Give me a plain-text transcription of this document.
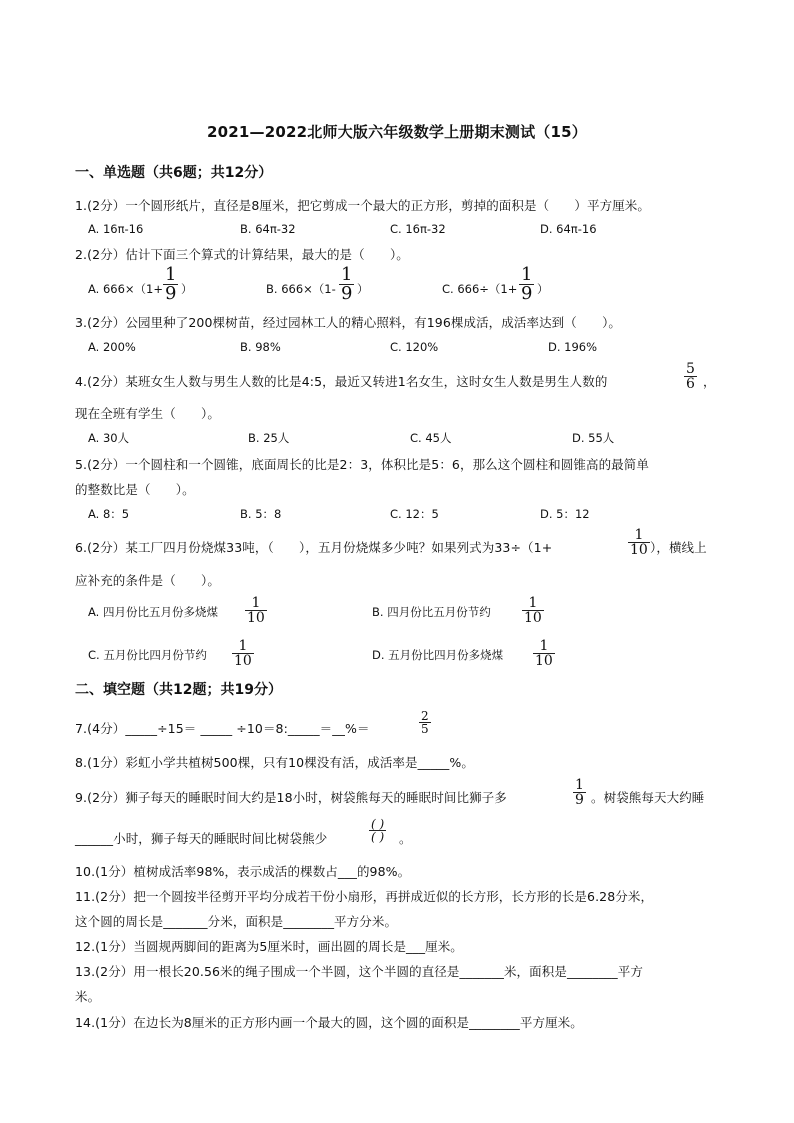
2021—2022北师大版六年级数学上册期末测试（15）
一、单选题（共6题；共12分）
1.(2分）一个圆形纸片，直径是8厘米，把它剪成一个最大的正方形，剪掉的面积是（　　）平方厘米。
A. 16π-16	B. 64π-32	C. 16π-32	D. 64π-16
2.(2分）估计下面三个算式的计算结果，最大的是（　　）。
A. $666\times(1+ \frac{1}{9}$ ）	B. $666\times(1- \frac{1}{9}$ ）	C. $666\div(1+ \frac{1}{9}$ ）
3.(2分）公园里种了200棵树苗，经过园林工人的精心照料，有196棵成活，成活率达到（　　）。
A. 200%	B. 98%	C. 120%	D. 196%
4.(2分）某班女生人数与男生人数的比是4:5，最近又转进1名女生，这时女生人数是男生人数的	$\frac{5}{6}$ ，
现在全班有学生（　　）。
A. 30人	B. 25人	C. 45人	D. 55人
5.(2分）一个圆柱和一个圆锥，底面周长的比是2：3，体积比是5：6，那么这个圆柱和圆锥高的最简单
的整数比是（　　）。
A. 8：5	B. 5：8	C. 12：5	D. 5：12
6.(2分）某工厂四月份烧煤33吨，（　　），五月份烧煤多少吨？如果列式为33÷（1+	$\frac{1}{10}$ ），横线上
应补充的条件是（　　）。
A. 四月份比五月份多烧煤 $\frac{1}{10}$	B. 四月份比五月份节约 $\frac{1}{10}$
C. 五月份比四月份节约 $\frac{1}{10}$	D. 五月份比四月份多烧煤 $\frac{1}{10}$
二、填空题（共12题；共19分）
7.(4分）_____÷15＝ _____ ÷10＝8:_____＝__%＝	$\frac{2}{5}$
8.(1分）彩虹小学共植树500棵，只有10棵没有活，成活率是_____%。
9.(2分）狮子每天的睡眠时间大约是18小时，树袋熊每天的睡眠时间比狮子多	$\frac{1}{9}$ 。树袋熊每天大约睡
______小时，狮子每天的睡眠时间比树袋熊少
( )
( ) 。
10.(1分）植树成活率98%，表示成活的棵数占___的98%。
11.(2分）把一个圆按半径剪开平均分成若干份小扇形，再拼成近似的长方形，长方形的长是6.28分米，
这个圆的周长是_______分米，面积是________平方分米。
12.(1分）当圆规两脚间的距离为5厘米时，画出圆的周长是___厘米。
13.(2分）用一根长20.56米的绳子围成一个半圆，这个半圆的直径是_______米，面积是________平方
米。
14.(1分）在边长为8厘米的正方形内画一个最大的圆，这个圆的面积是________平方厘米。
